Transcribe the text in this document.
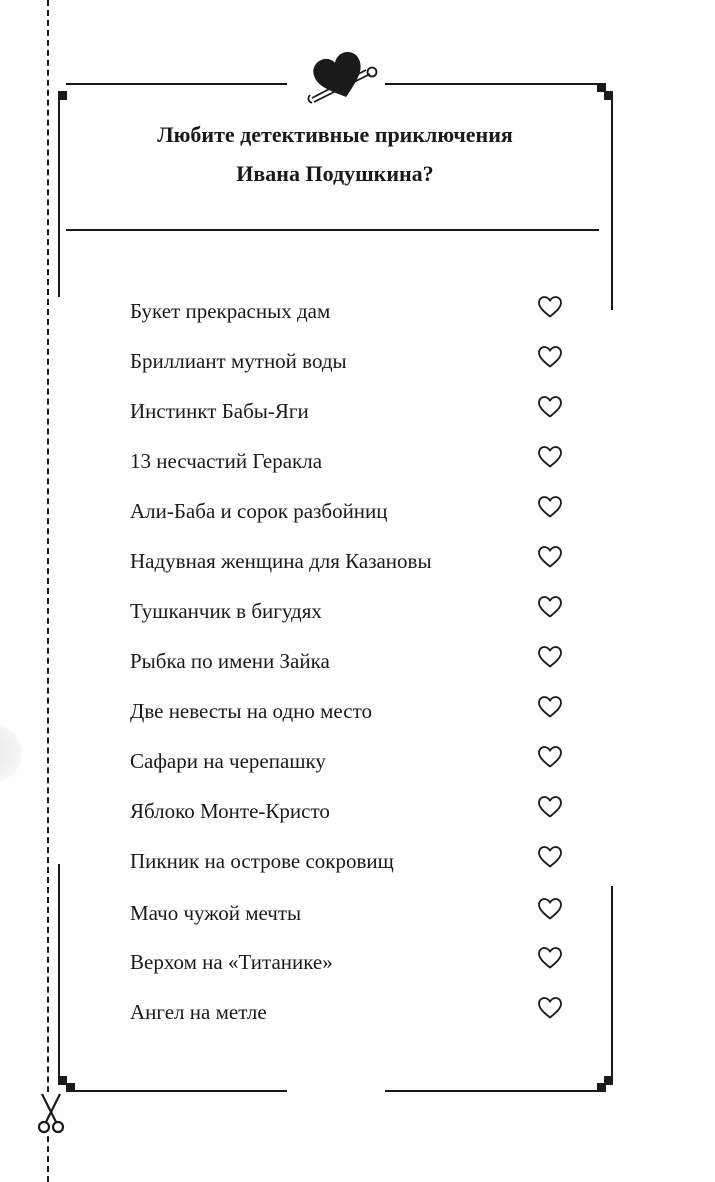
Любите детективные приключения

Ивана Подушкина?

Букет прекрасных дам
Бриллиант мутной воды
Инстинкт Бабы-Яги
13 несчастий Геракла
Али-Баба и сорок разбойниц
Надувная женщина для Казановы
Тушканчик в бигудях
Рыбка по имени Зайка
Две невесты на одно место
Сафари на черепашку
Яблоко Монте-Кристо
Пикник на острове сокровищ
Мачо чужой мечты
Верхом на «Титанике»
Ангел на метле
